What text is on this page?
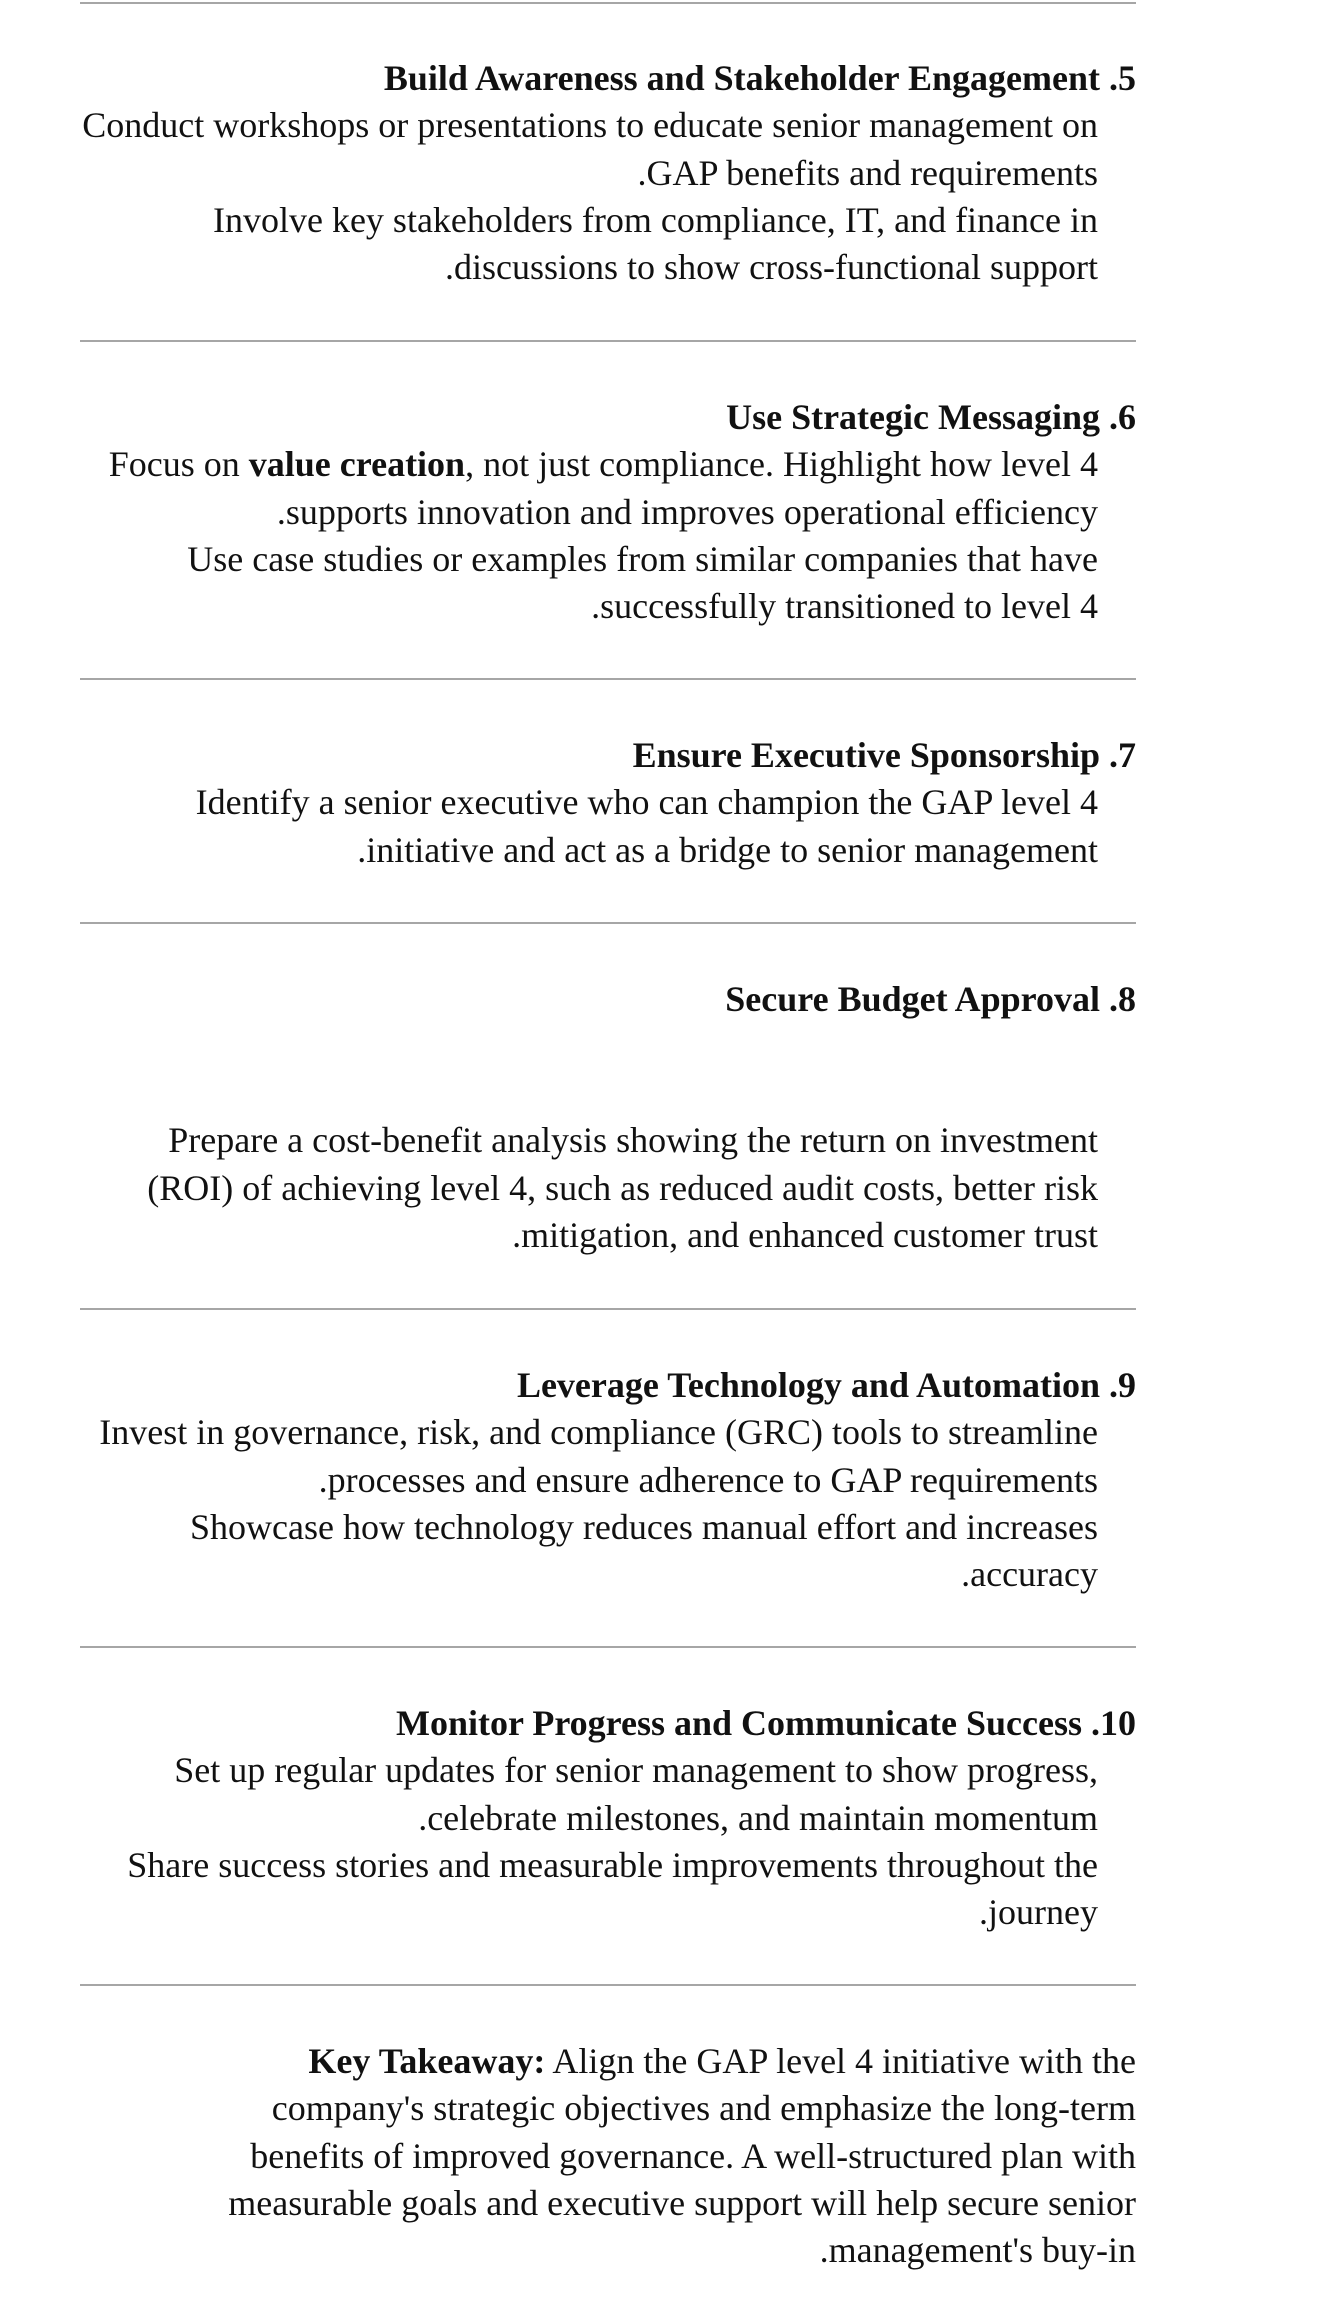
5. Build Awareness and Stakeholder Engagement
Conduct workshops or presentations to educate senior management on GAP benefits and requirements.
Involve key stakeholders from compliance, IT, and finance in discussions to show cross-functional support.
6. Use Strategic Messaging
Focus on value creation, not just compliance. Highlight how level 4 supports innovation and improves operational efficiency.
Use case studies or examples from similar companies that have successfully transitioned to level 4.
7. Ensure Executive Sponsorship
Identify a senior executive who can champion the GAP level 4 initiative and act as a bridge to senior management.
8. Secure Budget Approval
Prepare a cost-benefit analysis showing the return on investment (ROI) of achieving level 4, such as reduced audit costs, better risk mitigation, and enhanced customer trust.
9. Leverage Technology and Automation
Invest in governance, risk, and compliance (GRC) tools to streamline processes and ensure adherence to GAP requirements.
Showcase how technology reduces manual effort and increases accuracy.
10. Monitor Progress and Communicate Success
Set up regular updates for senior management to show progress, celebrate milestones, and maintain momentum.
Share success stories and measurable improvements throughout the journey.
Key Takeaway: Align the GAP level 4 initiative with the company's strategic objectives and emphasize the long-term benefits of improved governance. A well-structured plan with measurable goals and executive support will help secure senior management's buy-in.
